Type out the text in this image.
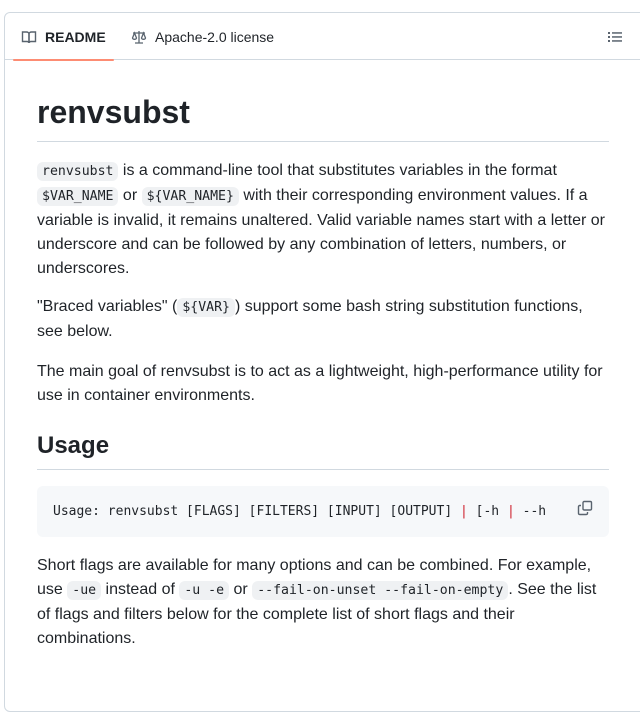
README	Apache-2.0 license
renvsubst

renvsubst is a command-line tool that substitutes variables in the format $VAR_NAME or ${VAR_NAME} with their corresponding environment values. If a variable is invalid, it remains unaltered. Valid variable names start with a letter or underscore and can be followed by any combination of letters, numbers, or underscores.

"Braced variables" ( ${VAR} ) support some bash string substitution functions, see below.

The main goal of renvsubst is to act as a lightweight, high-performance utility for use in container environments.

Usage
Usage: renvsubst [FLAGS] [FILTERS] [INPUT] [OUTPUT] | [-h | --h

Short flags are available for many options and can be combined. For example, use -ue instead of -u -e or --fail-on-unset --fail-on-empty . See the list of flags and filters below for the complete list of short flags and their combinations.
